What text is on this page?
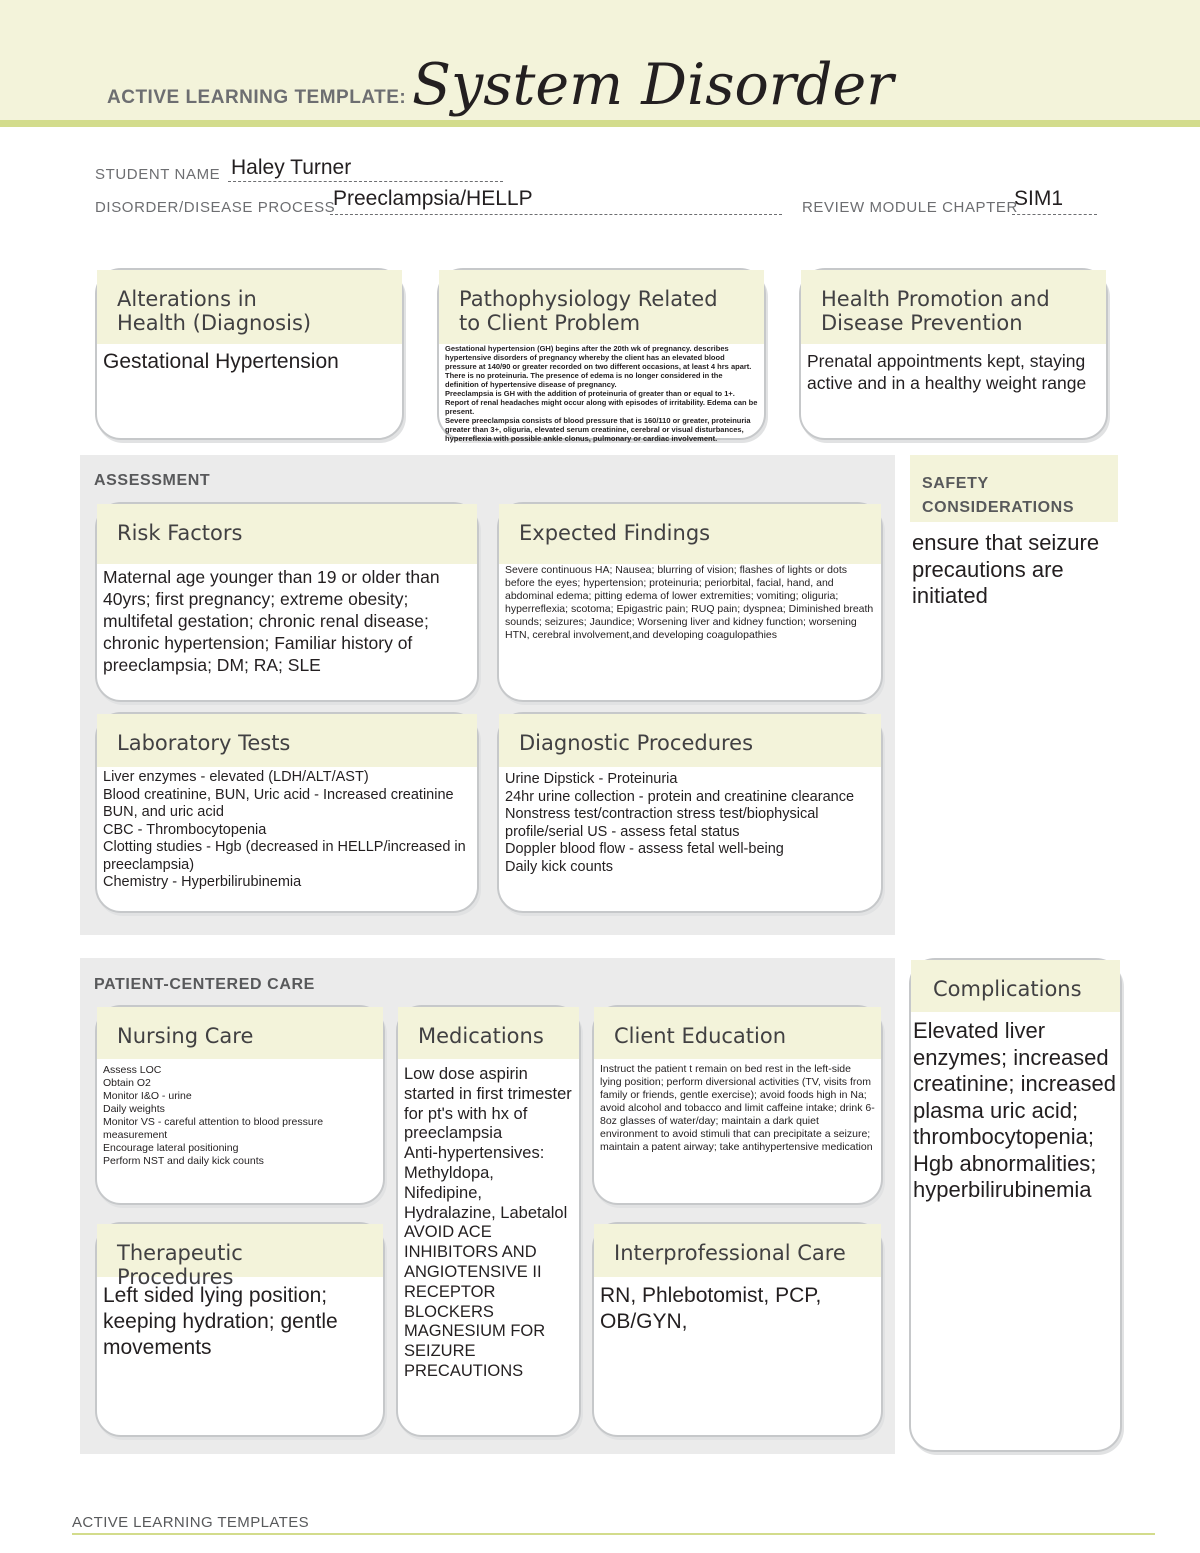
ACTIVE LEARNING TEMPLATE: System Disorder
STUDENT NAME Haley Turner
DISORDER/DISEASE PROCESS
Preeclampsia/HELLP	REVIEW MODULE CHAPTER
SIM1
Alterations in
Health (Diagnosis)
Gestational Hypertension
Pathophysiology Related
to Client Problem
Gestational hypertension (GH) begins after the 20th wk of pregnancy. describes hypertensive disorders of pregnancy whereby the client has an elevated blood pressure at 140/90 or greater recorded on two different occasions, at least 4 hrs apart. There is no proteinuria. The presence of edema is no longer considered in the definition of hypertensive disease of pregnancy.
Preeclampsia is GH with the addition of proteinuria of greater than or equal to 1+. Report of renal headaches might occur along with episodes of irritability. Edema can be present.
Severe preeclampsia consists of blood pressure that is 160/110 or greater, proteinuria greater than 3+, oliguria, elevated serum creatinine, cerebral or visual disturbances, hyperreflexia with possible ankle clonus, pulmonary or cardiac involvement.
Health Promotion and
Disease Prevention
Prenatal appointments kept, staying active and in a healthy weight range
ASSESSMENT
Risk Factors
Maternal age younger than 19 or older than 40yrs; first pregnancy; extreme obesity; multifetal gestation; chronic renal disease; chronic hypertension; Familiar history of preeclampsia; DM; RA; SLE
Expected Findings
Severe continuous HA; Nausea; blurring of vision; flashes of lights or dots before the eyes; hypertension; proteinuria; periorbital, facial, hand, and abdominal edema; pitting edema of lower extremities; vomiting; oliguria; hyperreflexia; scotoma; Epigastric pain; RUQ pain; dyspnea; Diminished breath sounds; seizures; Jaundice; Worsening liver and kidney function; worsening HTN, cerebral involvement,and developing coagulopathies
Laboratory Tests
Liver enzymes - elevated (LDH/ALT/AST)
Blood creatinine, BUN, Uric acid - Increased creatinine BUN, and uric acid
CBC - Thrombocytopenia
Clotting studies - Hgb (decreased in HELLP/increased in preeclampsia)
Chemistry - Hyperbilirubinemia
Diagnostic Procedures
Urine Dipstick - Proteinuria
24hr urine collection - protein and creatinine clearance
Nonstress test/contraction stress test/biophysical profile/serial US - assess fetal status
Doppler blood flow - assess fetal well-being
Daily kick counts
SAFETY
CONSIDERATIONS
ensure that seizure precautions are initiated
PATIENT-CENTERED CARE
Nursing Care
Assess LOC
Obtain O2
Monitor I&O - urine
Daily weights
Monitor VS - careful attention to blood pressure measurement
Encourage lateral positioning
Perform NST and daily kick counts
Medications
Low dose aspirin started in first trimester for pt's with hx of preeclampsia
Anti-hypertensives: Methyldopa, Nifedipine, Hydralazine, Labetalol
AVOID ACE INHIBITORS AND ANGIOTENSIVE II RECEPTOR BLOCKERS
MAGNESIUM FOR SEIZURE PRECAUTIONS
Client Education
Instruct the patient t remain on bed rest in the left-side lying position; perform diversional activities (TV, visits from family or friends, gentle exercise); avoid foods high in Na; avoid alcohol and tobacco and limit caffeine intake; drink 6-8oz glasses of water/day; maintain a dark quiet environment to avoid stimuli that can precipitate a seizure; maintain a patent airway; take antihypertensive medication
Therapeutic Procedures
Left sided lying position; keeping hydration; gentle movements
Interprofessional Care
RN, Phlebotomist, PCP, OB/GYN,
Complications
Elevated liver enzymes; increased creatinine; increased plasma uric acid; thrombocytopenia; Hgb abnormalities; hyperbilirubinemia
ACTIVE LEARNING TEMPLATES
